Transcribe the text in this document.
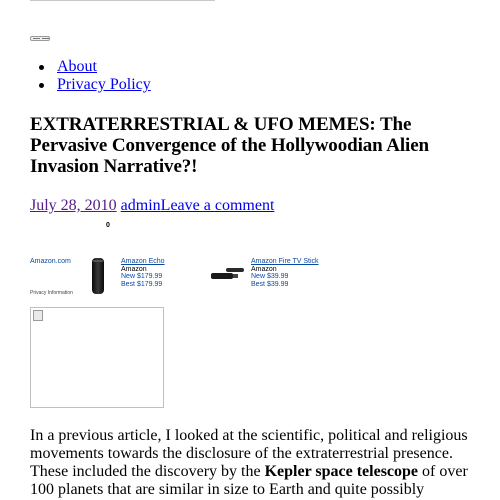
About
Privacy Policy
EXTRATERRESTRIAL & UFO MEMES: The Pervasive Convergence of the Hollywoodian Alien Invasion Narrative?!
July 28, 2010 adminLeave a comment
0
Amazon.com
Privacy Information
Amazon Echo
Amazon
New $179.99
Best $179.99
Amazon Fire TV Stick
Amazon
New $39.99
Best $39.99

In a previous article, I looked at the scientific, political and religious movements towards the disclosure of the extraterrestrial presence. These included the discovery by the Kepler space telescope of over 100 planets that are similar in size to Earth and quite possibly
